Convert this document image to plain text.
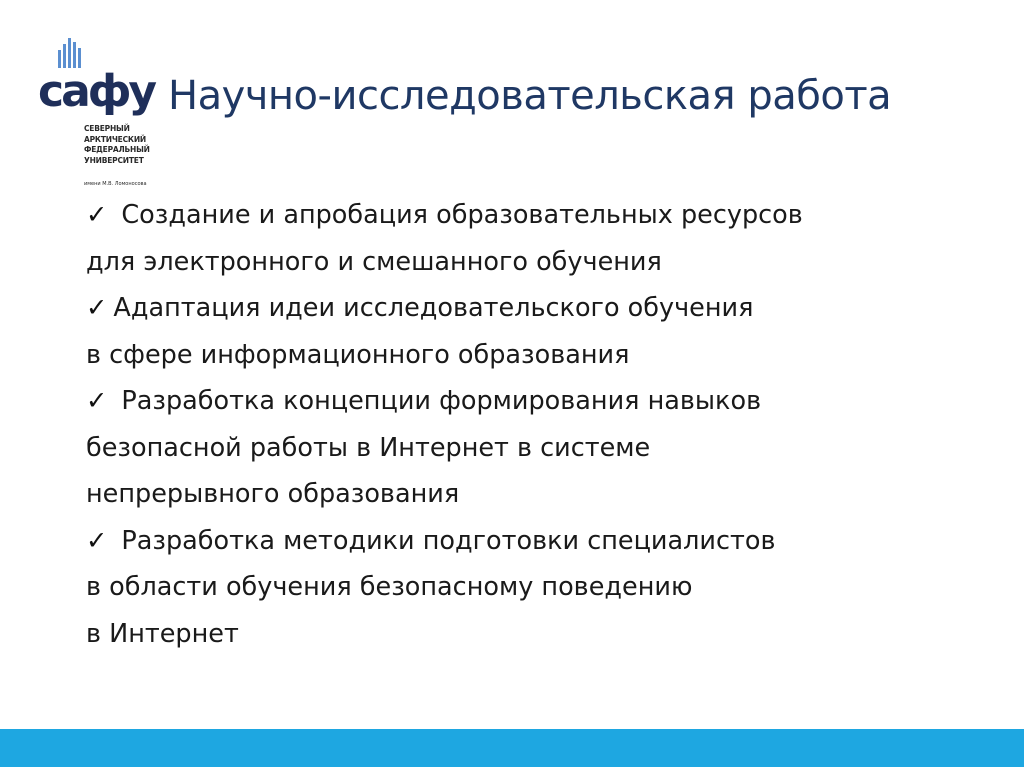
сафу
СЕВЕРНЫЙ
АРКТИЧЕСКИЙ
ФЕДЕРАЛЬНЫЙ
УНИВЕРСИТЕТ
имени М.В. Ломоносова
Научно-исследовательская работа
✓ Создание и апробация образовательных ресурсов
для электронного и смешанного обучения
✓ Адаптация идеи исследовательского обучения
в сфере информационного образования
✓ Разработка концепции формирования навыков
безопасной работы в Интернет в системе
непрерывного образования
✓ Разработка методики подготовки специалистов
в области обучения безопасному поведению
в Интернет
